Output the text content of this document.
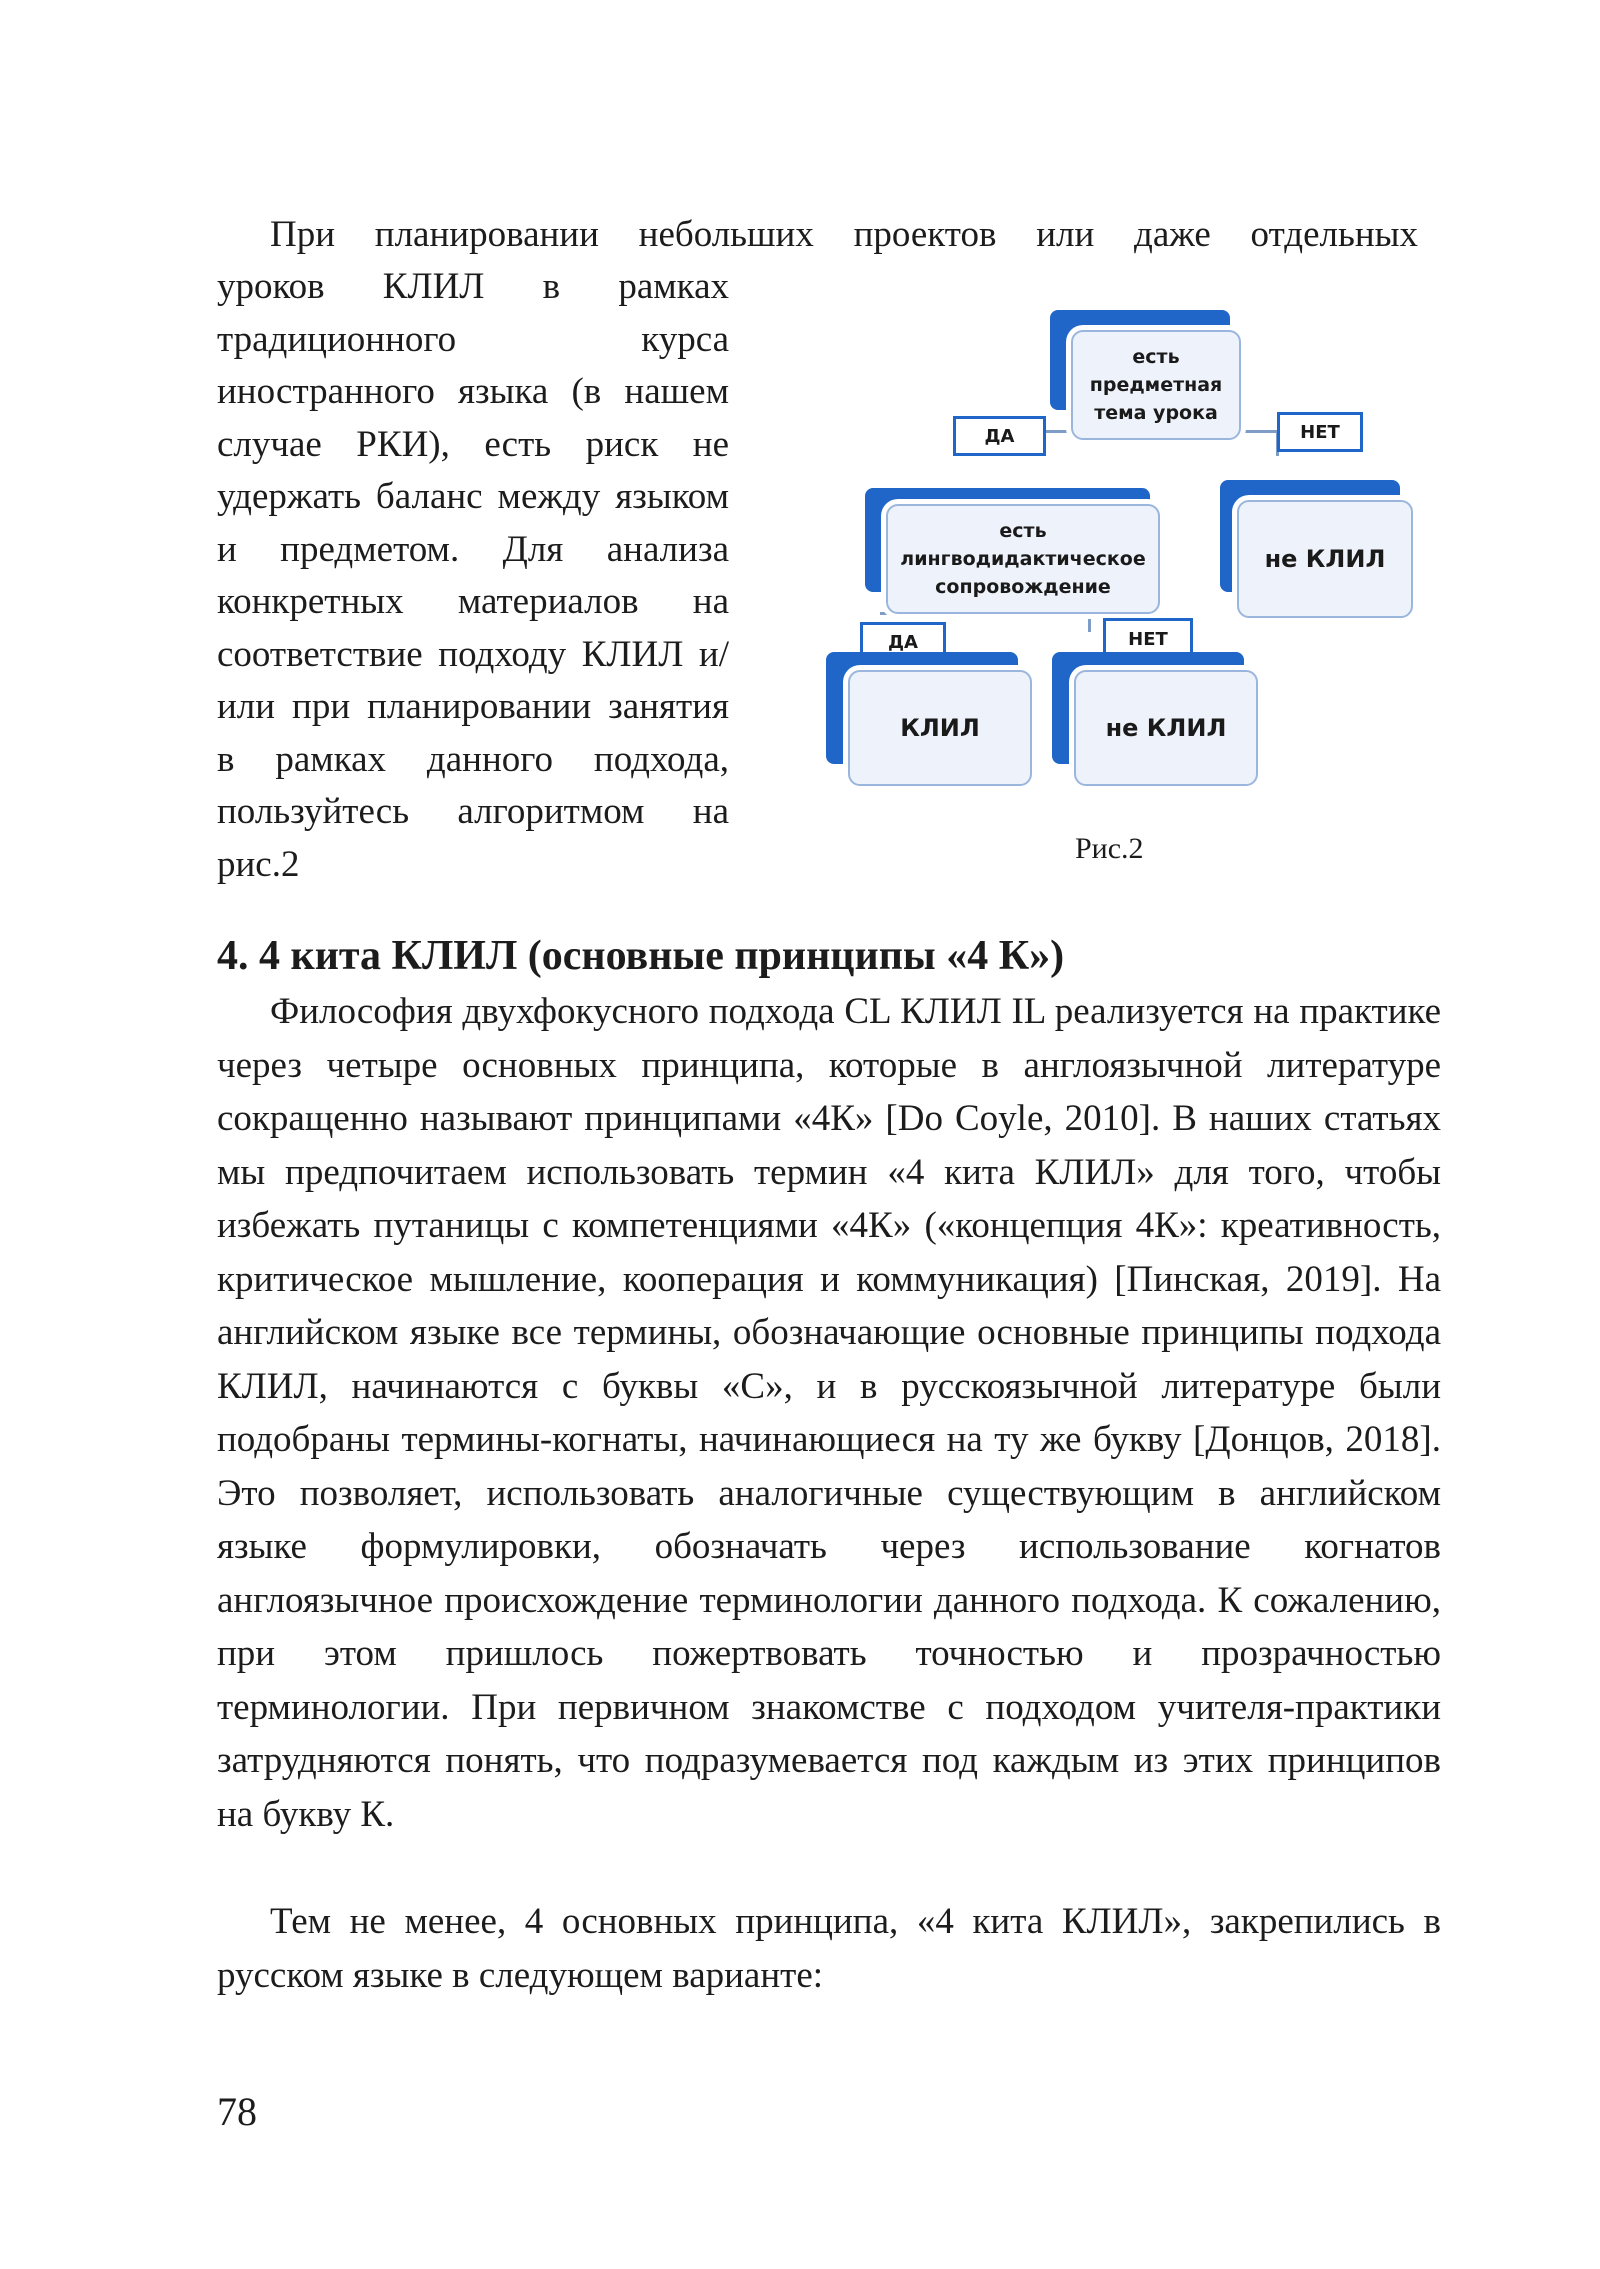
При планировании небольших проектов или даже отдельных

уроков КЛИЛ в рамках традиционного курса иностранного языка (в нашем случае РКИ), есть риск не удержать баланс между языком и предметом. Для анализа конкретных материалов на соответствие подходу КЛИЛ и/ или при планировании занятия в рамках данного подхода, пользуйтесь алгоритмом на рис.2

есть предметная тема урока
ДА	НЕТ
есть лингводидактическое сопровождение
не КЛИЛ
ДА	НЕТ
КЛИЛ	не КЛИЛ

Рис.2

4. 4 кита КЛИЛ (основные принципы «4 К»)

Философия двухфокусного подхода CL КЛИЛ IL реализуется на практике через четыре основных принципа, которые в англоязычной литературе сокращенно называют принципами «4К» [Do Coyle, 2010]. В наших статьях мы предпочитаем использовать термин «4 кита КЛИЛ» для того, чтобы избежать путаницы с компетенциями «4К» («концепция 4К»: креативность, критическое мышление, кооперация и коммуникация) [Пинская, 2019]. На английском языке все термины, обозначающие основные принципы подхода КЛИЛ, начинаются с буквы «С», и в русскоязычной литературе были подобраны термины-когнаты, начинающиеся на ту же букву [Донцов, 2018]. Это позволяет, использовать аналогичные существующим в английском языке формулировки, обозначать через использование когнатов англоязычное происхождение терминологии данного подхода. К сожалению, при этом пришлось пожертвовать точностью и прозрачностью терминологии. При первичном знакомстве с подходом учителя-практики затрудняются понять, что подразумевается под каждым из этих принципов на букву К.

Тем не менее, 4 основных принципа, «4 кита КЛИЛ», закрепились в русском языке в следующем варианте:

78
